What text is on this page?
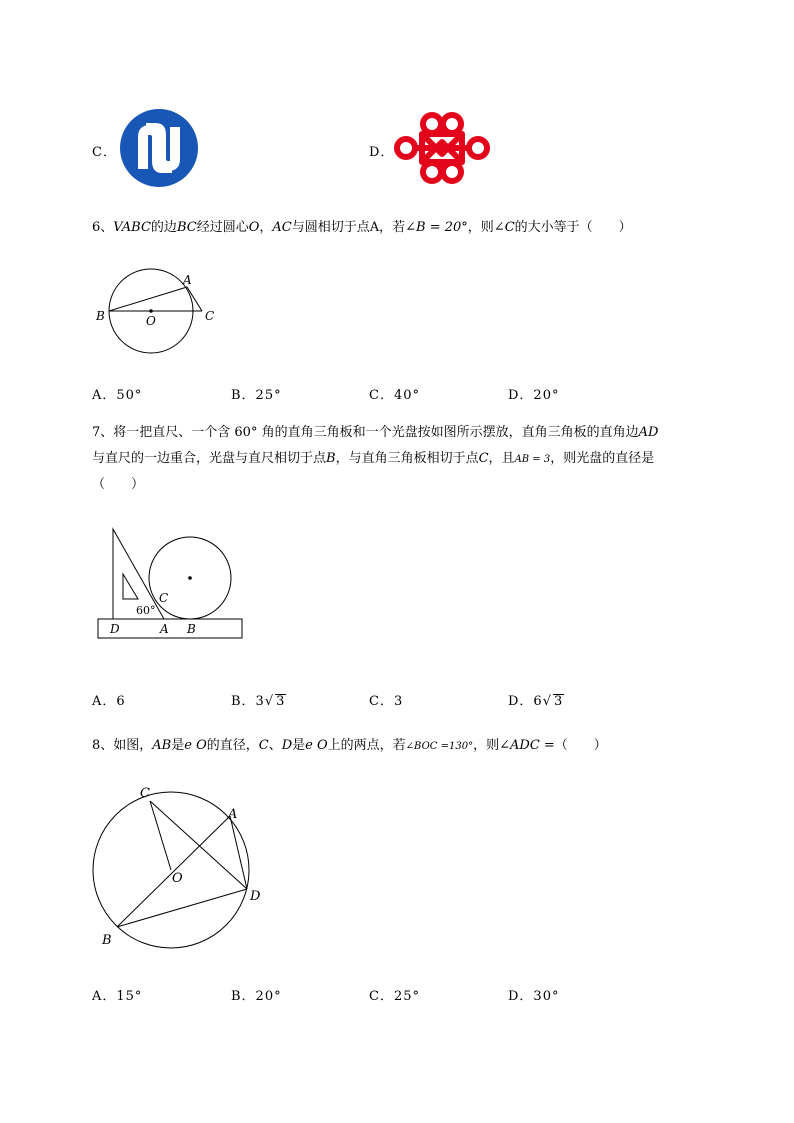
C．	D．
6、VABC的边BC经过圆心O，AC与圆相切于点A，若∠B = 20°，则∠C的大小等于（　　）
A
B	O	C
A．50°	B．25°	C．40°	D．20°
7、将一把直尺、一个含 60° 角的直角三角板和一个光盘按如图所示摆放，直角三角板的直角边AD
与直尺的一边重合，光盘与直尺相切于点B，与直角三角板相切于点C，且AB = 3，则光盘的直径是
（　　）
C
60°
D	A B
A．6	B．3√ 3	C．3	D．6√ 3
8、如图，AB是e O的直径，C、D是e O上的两点，若∠BOC =130°，则∠ADC =（　　）
C
A
O
D
B
A．15°	B．20°	C．25°	D．30°
